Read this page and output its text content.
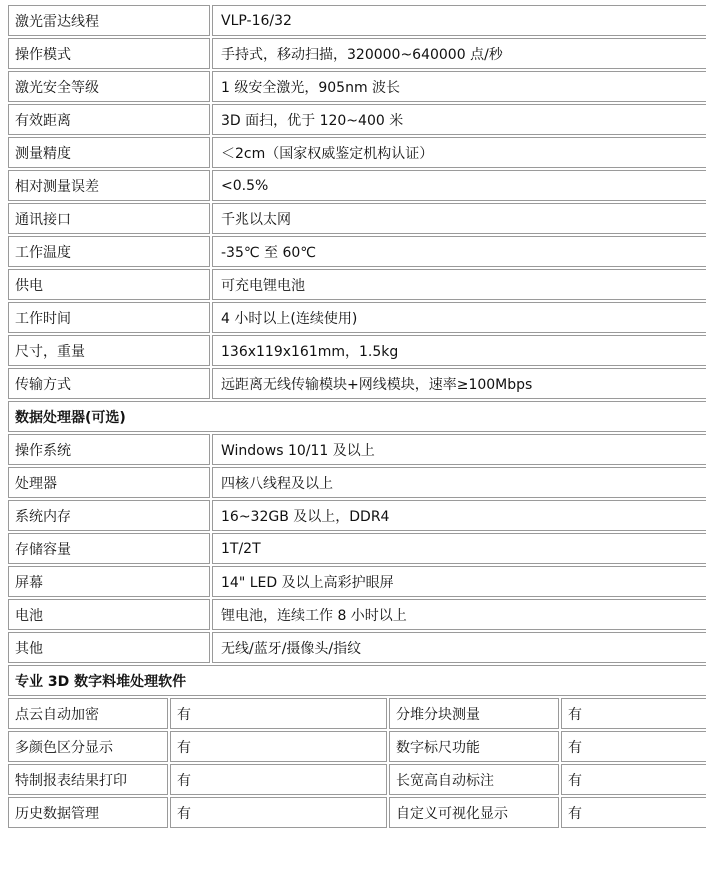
激光雷达线程		VLP-16/32		
操作模式		手持式，移动扫描，320000~640000 点/秒		
激光安全等级		1 级安全激光，905nm 波长		
有效距离		3D 面扫，优于 120~400 米		
测量精度		＜2cm（国家权威鉴定机构认证）		
相对测量误差		<0.5%		
通讯接口		千兆以太网		
工作温度		-35℃ 至 60℃		
供电		可充电锂电池		
工作时间		4 小时以上(连续使用)		
尺寸，重量		136x119x161mm，1.5kg		
传输方式		远距离无线传输模块+网线模块，速率≥100Mbps		
数据处理器(可选)				
操作系统		Windows 10/11 及以上		
处理器		四核八线程及以上		
系统内存		16~32GB 及以上，DDR4		
存储容量		1T/2T		
屏幕		14" LED 及以上高彩护眼屏		
电池		锂电池，连续工作 8 小时以上		
其他		无线/蓝牙/摄像头/指纹		
专业 3D 数字料堆处理软件				
点云自动加密	有		分堆分块测量	有
多颜色区分显示	有		数字标尺功能	有
特制报表结果打印	有		长宽高自动标注	有
历史数据管理	有		自定义可视化显示	有
